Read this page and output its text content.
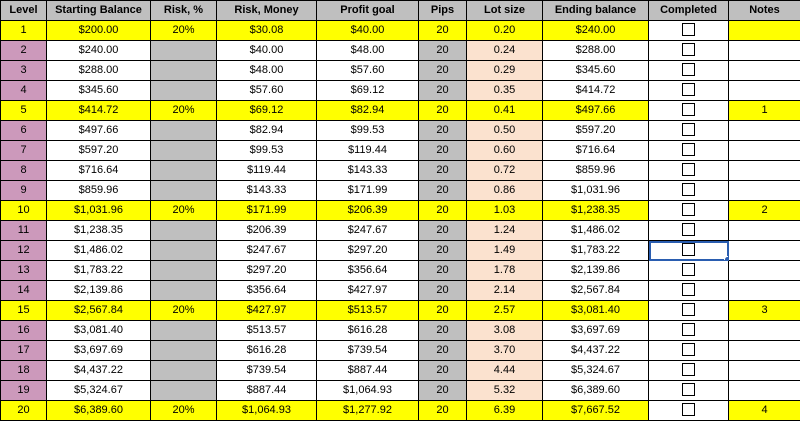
Level	Starting Balance	Risk, %	Risk, Money	Profit goal	Pips	Lot size	Ending balance	Completed	Notes
1	$200.00	20%	$30.08	$40.00	20	0.20	$240.00		
2	$240.00		$40.00	$48.00	20	0.24	$288.00		
3	$288.00		$48.00	$57.60	20	0.29	$345.60		
4	$345.60		$57.60	$69.12	20	0.35	$414.72		
5	$414.72	20%	$69.12	$82.94	20	0.41	$497.66		1
6	$497.66		$82.94	$99.53	20	0.50	$597.20		
7	$597.20		$99.53	$119.44	20	0.60	$716.64		
8	$716.64		$119.44	$143.33	20	0.72	$859.96		
9	$859.96		$143.33	$171.99	20	0.86	$1,031.96		
10	$1,031.96	20%	$171.99	$206.39	20	1.03	$1,238.35		2
11	$1,238.35		$206.39	$247.67	20	1.24	$1,486.02		
12	$1,486.02		$247.67	$297.20	20	1.49	$1,783.22		
13	$1,783.22		$297.20	$356.64	20	1.78	$2,139.86		
14	$2,139.86		$356.64	$427.97	20	2.14	$2,567.84		
15	$2,567.84	20%	$427.97	$513.57	20	2.57	$3,081.40		3
16	$3,081.40		$513.57	$616.28	20	3.08	$3,697.69		
17	$3,697.69		$616.28	$739.54	20	3.70	$4,437.22		
18	$4,437.22		$739.54	$887.44	20	4.44	$5,324.67		
19	$5,324.67		$887.44	$1,064.93	20	5.32	$6,389.60		
20	$6,389.60	20%	$1,064.93	$1,277.92	20	6.39	$7,667.52		4
